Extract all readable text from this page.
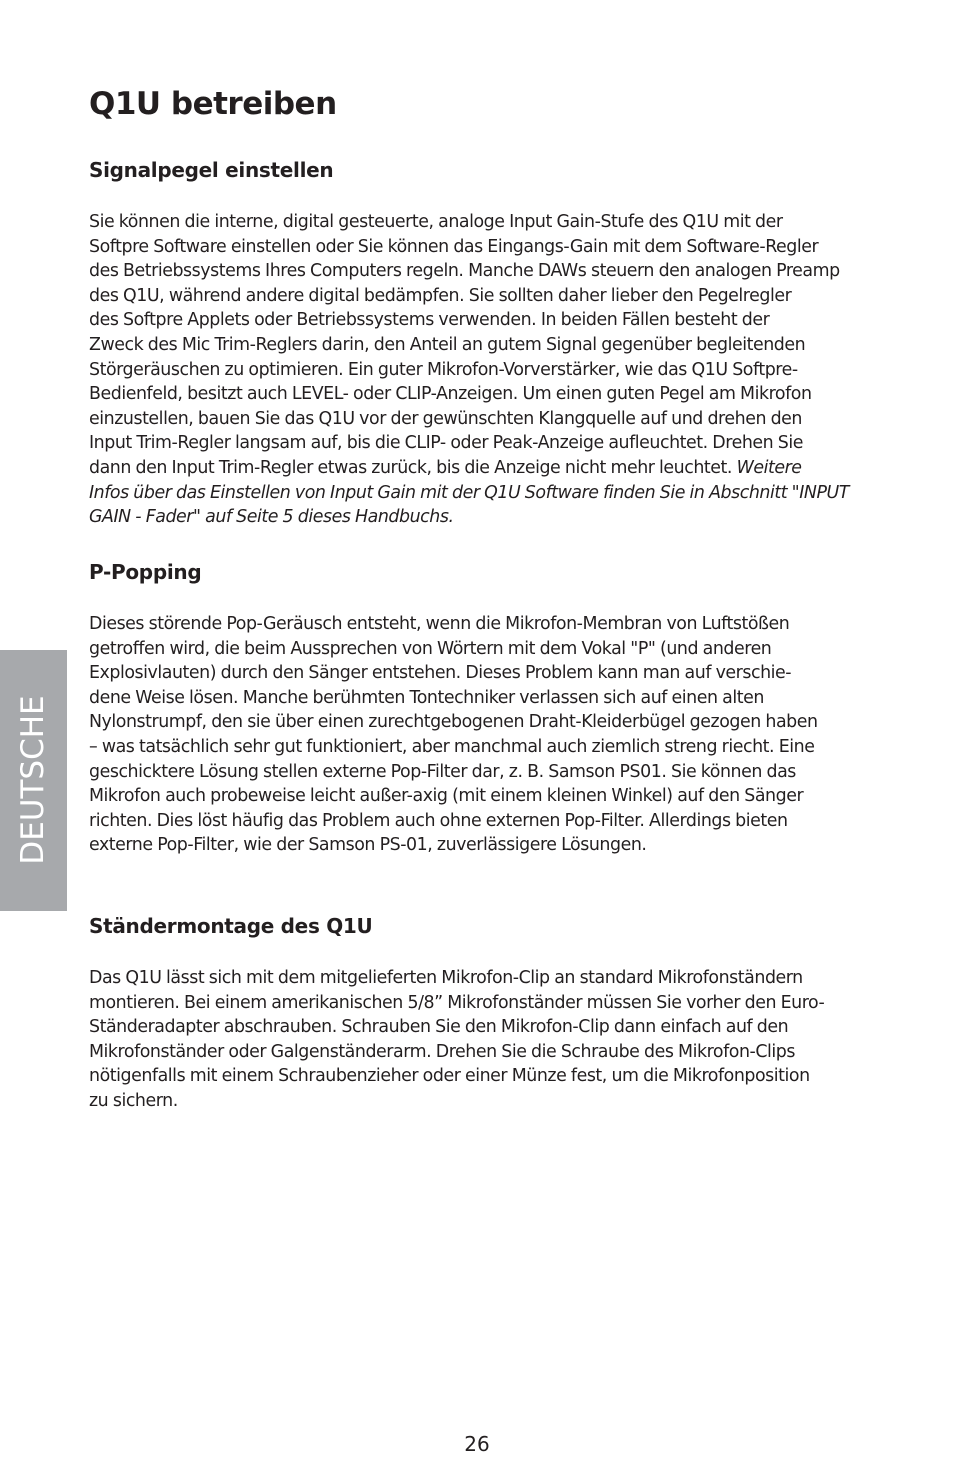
Q1U betreiben
Signalpegel einstellen
Sie können die interne, digital gesteuerte, analoge Input Gain-Stufe des Q1U mit der
Softpre Software einstellen oder Sie können das Eingangs-Gain mit dem Software-Regler
des Betriebssystems Ihres Computers regeln. Manche DAWs steuern den analogen Preamp
des Q1U, während andere digital bedämpfen. Sie sollten daher lieber den Pegelregler
des Softpre Applets oder Betriebssystems verwenden. In beiden Fällen besteht der
Zweck des Mic Trim-Reglers darin, den Anteil an gutem Signal gegenüber begleitenden
Störgeräuschen zu optimieren. Ein guter Mikrofon-Vorverstärker, wie das Q1U Softpre-
Bedienfeld, besitzt auch LEVEL- oder CLIP-Anzeigen. Um einen guten Pegel am Mikrofon
einzustellen, bauen Sie das Q1U vor der gewünschten Klangquelle auf und drehen den
Input Trim-Regler langsam auf, bis die CLIP- oder Peak-Anzeige aufleuchtet. Drehen Sie
dann den Input Trim-Regler etwas zurück, bis die Anzeige nicht mehr leuchtet. Weitere
Infos über das Einstellen von Input Gain mit der Q1U Software finden Sie in Abschnitt "INPUT
GAIN - Fader" auf Seite 5 dieses Handbuchs.
P-Popping
Dieses störende Pop-Geräusch entsteht, wenn die Mikrofon-Membran von Luftstößen
getroffen wird, die beim Aussprechen von Wörtern mit dem Vokal "P" (und anderen
Explosivlauten) durch den Sänger entstehen. Dieses Problem kann man auf verschie-
dene Weise lösen. Manche berühmten Tontechniker verlassen sich auf einen alten
Nylonstrumpf, den sie über einen zurechtgebogenen Draht-Kleiderbügel gezogen haben
– was tatsächlich sehr gut funktioniert, aber manchmal auch ziemlich streng riecht. Eine
geschicktere Lösung stellen externe Pop-Filter dar, z. B. Samson PS01. Sie können das
Mikrofon auch probeweise leicht außer-axig (mit einem kleinen Winkel) auf den Sänger
richten. Dies löst häufig das Problem auch ohne externen Pop-Filter. Allerdings bieten
externe Pop-Filter, wie der Samson PS-01, zuverlässigere Lösungen.
Ständermontage des Q1U
Das Q1U lässt sich mit dem mitgelieferten Mikrofon-Clip an standard Mikrofonständern
montieren. Bei einem amerikanischen 5/8” Mikrofonständer müssen Sie vorher den Euro-
Ständeradapter abschrauben. Schrauben Sie den Mikrofon-Clip dann einfach auf den
Mikrofonständer oder Galgenständerarm. Drehen Sie die Schraube des Mikrofon-Clips
nötigenfalls mit einem Schraubenzieher oder einer Münze fest, um die Mikrofonposition
zu sichern.
DEUTSCHE
26
